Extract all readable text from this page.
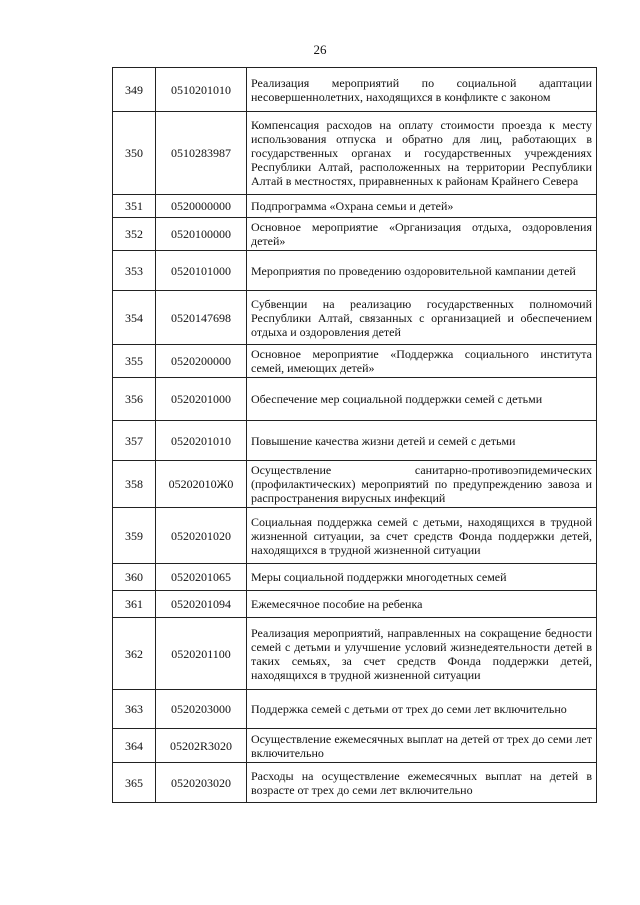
26
349	0510201010	Реализация мероприятий по социальной адаптации несовершеннолетних, находящихся в конфликте с законом
350	0510283987	Компенсация расходов на оплату стоимости проезда к месту использования отпуска и обратно для лиц, работающих в государственных органах и государственных учреждениях Республики Алтай, расположенных на территории Республики Алтай в местностях, приравненных к районам Крайнего Севера
351	0520000000	Подпрограмма «Охрана семьи и детей»
352	0520100000	Основное мероприятие «Организация отдыха, оздоровления детей»
353	0520101000	Мероприятия по проведению оздоровительной кампании детей
354	0520147698	Субвенции на реализацию государственных полномочий Республики Алтай, связанных с организацией и обеспечением отдыха и оздоровления детей
355	0520200000	Основное мероприятие «Поддержка социального института семей, имеющих детей»
356	0520201000	Обеспечение мер социальной поддержки семей с детьми
357	0520201010	Повышение качества жизни детей и семей с детьми
358	05202010Ж0	Осуществление санитарно-противоэпидемических (профилактических) мероприятий по предупреждению завоза и распространения вирусных инфекций
359	0520201020	Социальная поддержка семей с детьми, находящихся в трудной жизненной ситуации, за счет средств Фонда поддержки детей, находящихся в трудной жизненной ситуации
360	0520201065	Меры социальной поддержки многодетных семей
361	0520201094	Ежемесячное пособие на ребенка
362	0520201100	Реализация мероприятий, направленных на сокращение бедности семей с детьми и улучшение условий жизнедеятельности детей в таких семьях, за счет средств Фонда поддержки детей, находящихся в трудной жизненной ситуации
363	0520203000	Поддержка семей с детьми от трех до семи лет включительно
364	05202R3020	Осуществление ежемесячных выплат на детей от трех до семи лет включительно
365	0520203020	Расходы на осуществление ежемесячных выплат на детей в возрасте от трех до семи лет включительно
